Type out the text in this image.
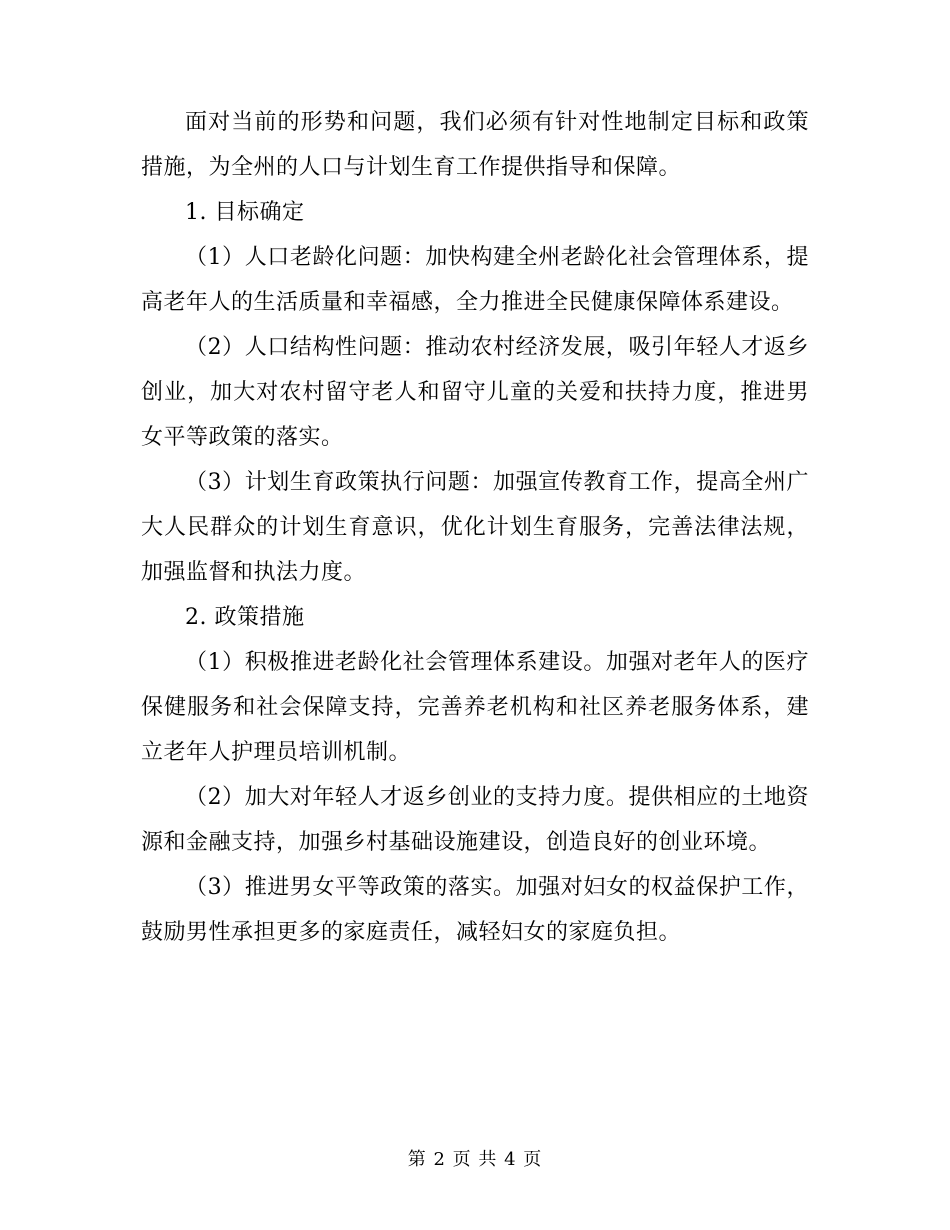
面对当前的形势和问题，我们必须有针对性地制定目标和政策措施，为全州的人口与计划生育工作提供指导和保障。

1. 目标确定

（1）人口老龄化问题：加快构建全州老龄化社会管理体系，提高老年人的生活质量和幸福感，全力推进全民健康保障体系建设。

（2）人口结构性问题：推动农村经济发展，吸引年轻人才返乡创业，加大对农村留守老人和留守儿童的关爱和扶持力度，推进男女平等政策的落实。

（3）计划生育政策执行问题：加强宣传教育工作，提高全州广大人民群众的计划生育意识，优化计划生育服务，完善法律法规，加强监督和执法力度。

2. 政策措施

（1）积极推进老龄化社会管理体系建设。加强对老年人的医疗保健服务和社会保障支持，完善养老机构和社区养老服务体系，建立老年人护理员培训机制。

（2）加大对年轻人才返乡创业的支持力度。提供相应的土地资源和金融支持，加强乡村基础设施建设，创造良好的创业环境。

（3）推进男女平等政策的落实。加强对妇女的权益保护工作，鼓励男性承担更多的家庭责任，减轻妇女的家庭负担。

第 2 页 共 4 页
